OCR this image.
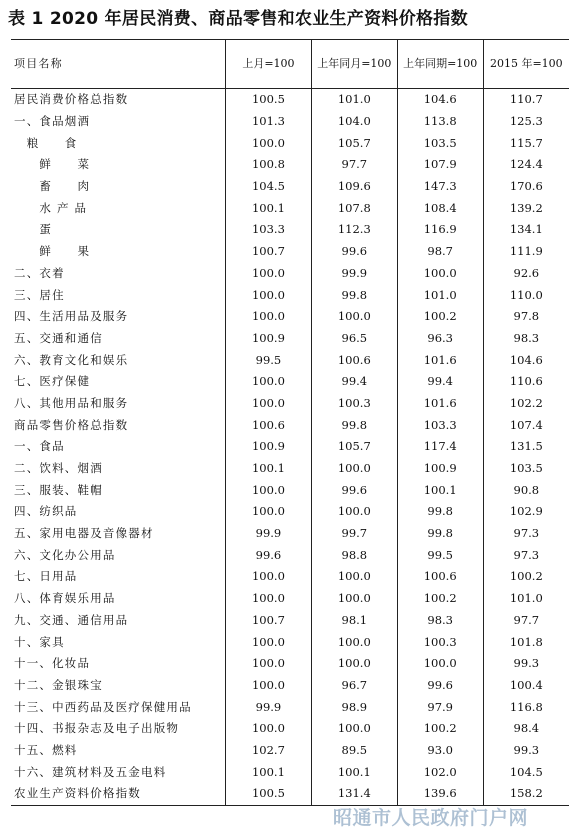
表 1 2020 年居民消费、商品零售和农业生产资料价格指数
项目名称	上月=100	上年同月=100	上年同期=100	2015 年=100
居民消费价格总指数	100.5	101.0	104.6	110.7
一、食品烟酒	101.3	104.0	113.8	125.3
　粮　　食	100.0	105.7	103.5	115.7
　　鲜　　菜	100.8	97.7	107.9	124.4
　　畜　　肉	104.5	109.6	147.3	170.6
　　水 产 品	100.1	107.8	108.4	139.2
　　蛋	103.3	112.3	116.9	134.1
　　鲜　　果	100.7	99.6	98.7	111.9
二、衣着	100.0	99.9	100.0	92.6
三、居住	100.0	99.8	101.0	110.0
四、生活用品及服务	100.0	100.0	100.2	97.8
五、交通和通信	100.9	96.5	96.3	98.3
六、教育文化和娱乐	99.5	100.6	101.6	104.6
七、医疗保健	100.0	99.4	99.4	110.6
八、其他用品和服务	100.0	100.3	101.6	102.2
商品零售价格总指数	100.6	99.8	103.3	107.4
一、食品	100.9	105.7	117.4	131.5
二、饮料、烟酒	100.1	100.0	100.9	103.5
三、服装、鞋帽	100.0	99.6	100.1	90.8
四、纺织品	100.0	100.0	99.8	102.9
五、家用电器及音像器材	99.9	99.7	99.8	97.3
六、文化办公用品	99.6	98.8	99.5	97.3
七、日用品	100.0	100.0	100.6	100.2
八、体育娱乐用品	100.0	100.0	100.2	101.0
九、交通、通信用品	100.7	98.1	98.3	97.7
十、家具	100.0	100.0	100.3	101.8
十一、化妆品	100.0	100.0	100.0	99.3
十二、金银珠宝	100.0	96.7	99.6	100.4
十三、中西药品及医疗保健用品	99.9	98.9	97.9	116.8
十四、书报杂志及电子出版物	100.0	100.0	100.2	98.4
十五、燃料	102.7	89.5	93.0	99.3
十六、建筑材料及五金电料	100.1	100.1	102.0	104.5
农业生产资料价格指数	100.5	131.4	139.6	158.2
昭通市人民政府门户网
